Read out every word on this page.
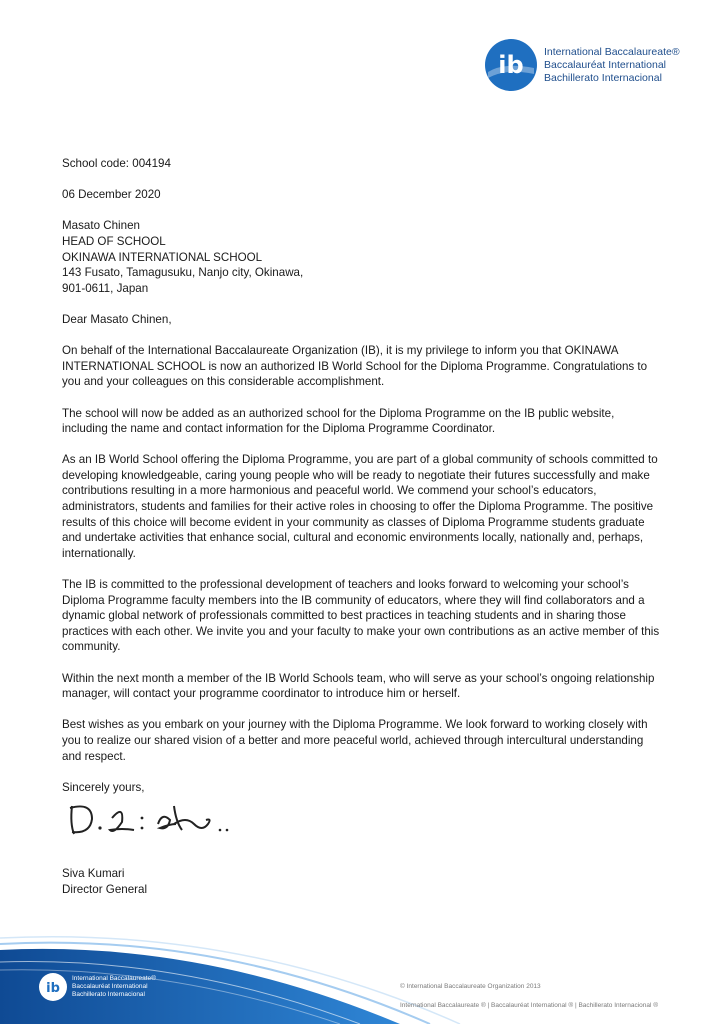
ib International Baccalaureate®
Baccalauréat International
Bachillerato Internacional

School code: 004194

06 December 2020

Masato Chinen
HEAD OF SCHOOL
OKINAWA INTERNATIONAL SCHOOL
143 Fusato, Tamagusuku, Nanjo city, Okinawa,
901-0611, Japan

Dear Masato Chinen,

On behalf of the International Baccalaureate Organization (IB), it is my privilege to inform you that OKINAWA INTERNATIONAL SCHOOL is now an authorized IB World School for the Diploma Programme. Congratulations to you and your colleagues on this considerable accomplishment.

The school will now be added as an authorized school for the Diploma Programme on the IB public website, including the name and contact information for the Diploma Programme Coordinator.

As an IB World School offering the Diploma Programme, you are part of a global community of schools committed to developing knowledgeable, caring young people who will be ready to negotiate their futures successfully and make contributions resulting in a more harmonious and peaceful world. We commend your school’s educators, administrators, students and families for their active roles in choosing to offer the Diploma Programme. The positive results of this choice will become evident in your community as classes of Diploma Programme students graduate and undertake activities that enhance social, cultural and economic environments locally, nationally and, perhaps, internationally.

The IB is committed to the professional development of teachers and looks forward to welcoming your school’s Diploma Programme faculty members into the IB community of educators, where they will find collaborators and a dynamic global network of professionals committed to best practices in teaching students and in sharing those practices with each other. We invite you and your faculty to make your own contributions as an active member of this community.

Within the next month a member of the IB World Schools team, who will serve as your school’s ongoing relationship manager, will contact your programme coordinator to introduce him or herself.

Best wishes as you embark on your journey with the Diploma Programme. We look forward to working closely with you to realize our shared vision of a better and more peaceful world, achieved through intercultural understanding and respect.

Sincerely yours,

Siva Kumari
Director General
ib
International Baccalaureate®
Baccalauréat International
Bachillerato Internacional
© International Baccalaureate Organization 2013
International Baccalaureate ® | Baccalauréat International ® | Bachillerato Internacional ®
